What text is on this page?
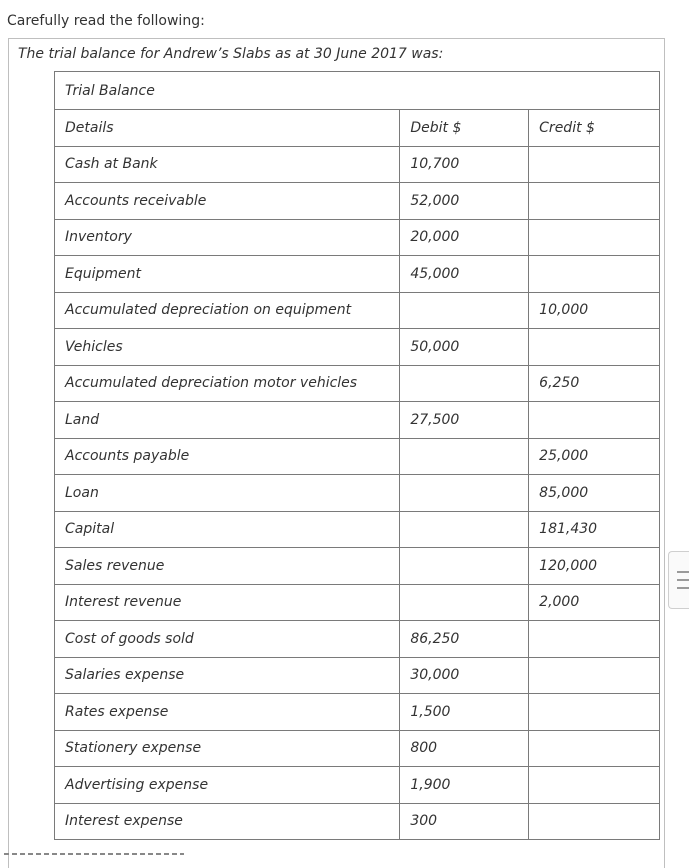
Carefully read the following:
The trial balance for Andrew’s Slabs as at 30 June 2017 was:
Trial Balance		
Details	Debit $	Credit $
Cash at Bank	10,700	
Accounts receivable	52,000	
Inventory	20,000	
Equipment	45,000	
Accumulated depreciation on equipment		10,000
Vehicles	50,000	
Accumulated depreciation motor vehicles		6,250
Land	27,500	
Accounts payable		25,000
Loan		85,000
Capital		181,430
Sales revenue		120,000
Interest revenue		2,000
Cost of goods sold	86,250	
Salaries expense	30,000	
Rates expense	1,500	
Stationery expense	800	
Advertising expense	1,900	
Interest expense	300	
